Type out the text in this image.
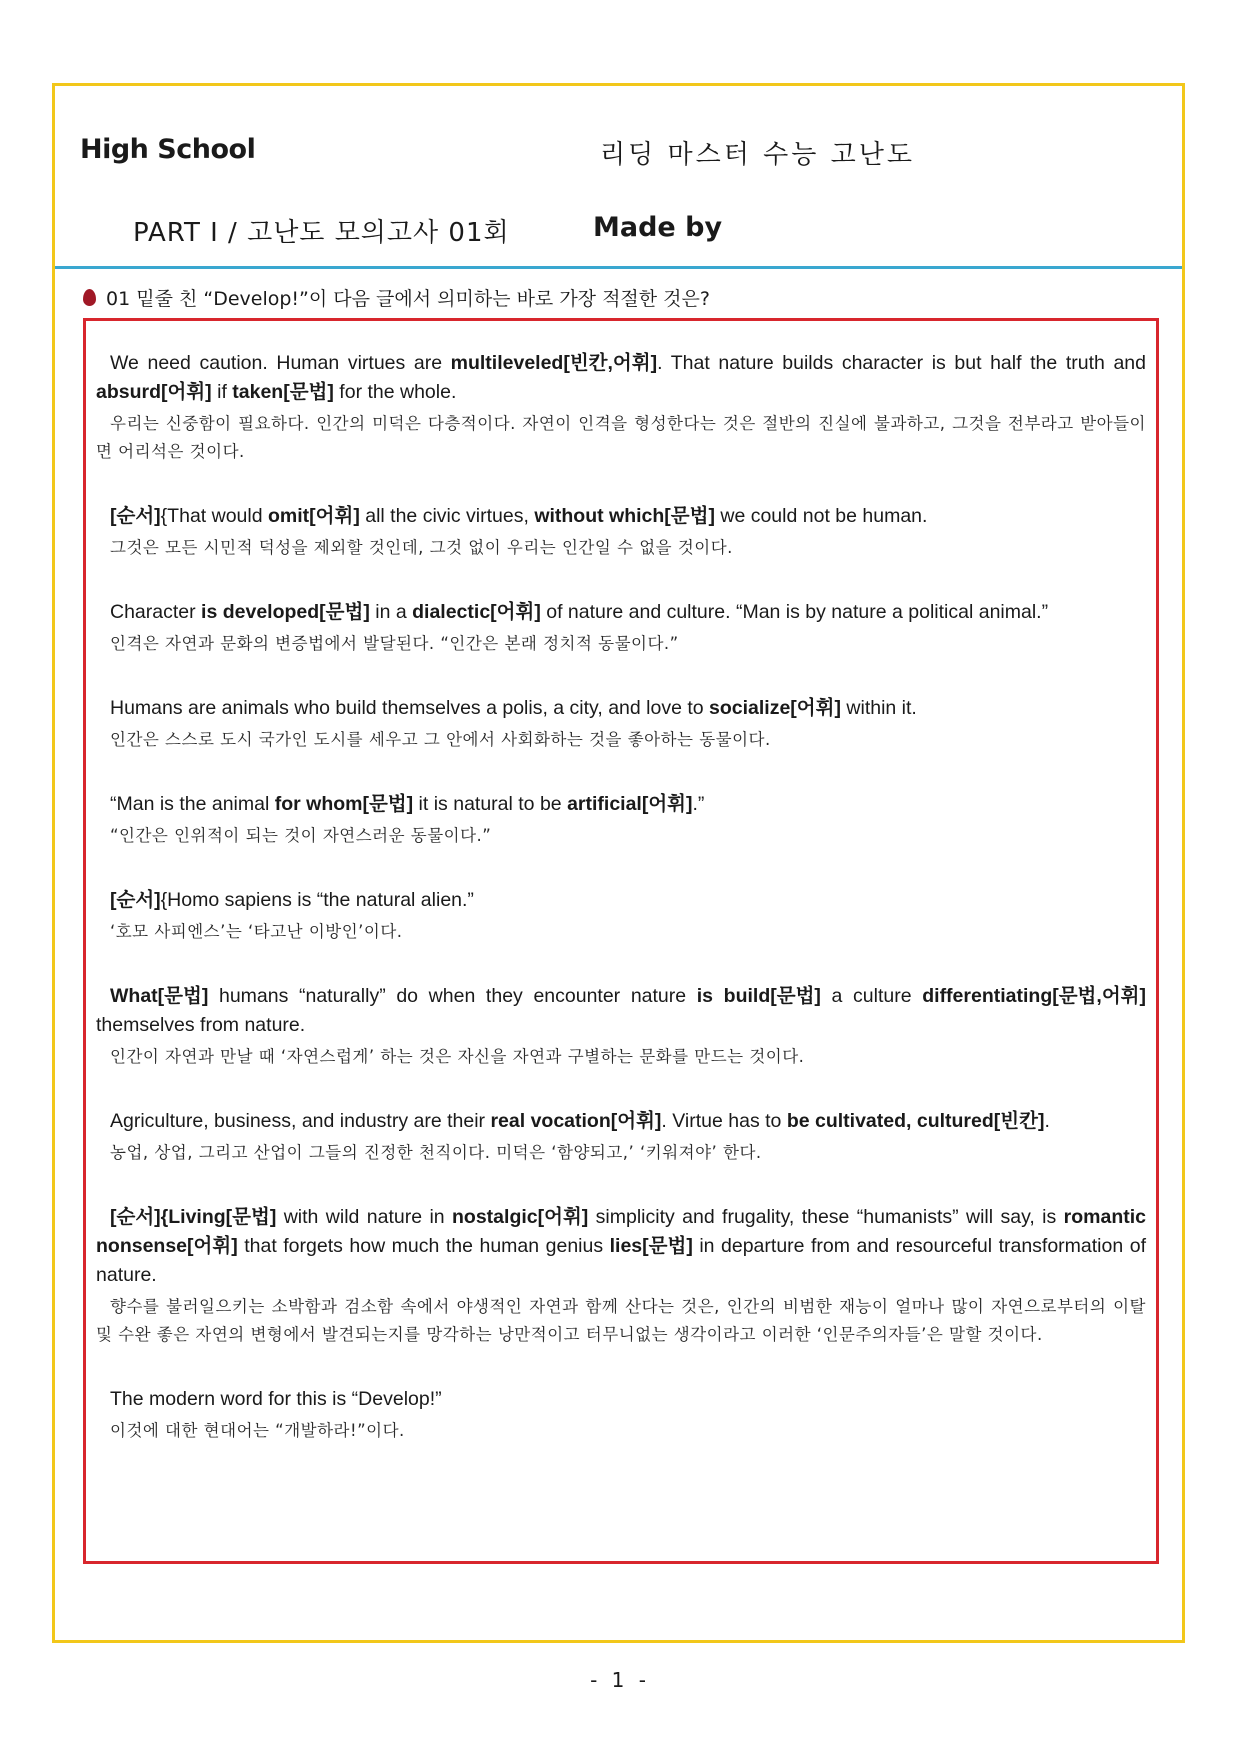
High School	리딩 마스터 수능 고난도
PART Ⅰ / 고난도 모의고사 01회	Made by
01 밑줄 친 “Develop!”이 다음 글에서 의미하는 바로 가장 적절한 것은?
We need caution. Human virtues are multileveled[빈칸,어휘]. That nature builds character is but half the truth and absurd[어휘] if taken[문법] for the whole.
우리는 신중함이 필요하다. 인간의 미덕은 다층적이다. 자연이 인격을 형성한다는 것은 절반의 진실에 불과하고, 그것을 전부라고 받아들이면 어리석은 것이다.
[순서]{That would omit[어휘] all the civic virtues, without which[문법] we could not be human.
그것은 모든 시민적 덕성을 제외할 것인데, 그것 없이 우리는 인간일 수 없을 것이다.
Character is developed[문법] in a dialectic[어휘] of nature and culture. “Man is by nature a political animal.”
인격은 자연과 문화의 변증법에서 발달된다. “인간은 본래 정치적 동물이다.”
Humans are animals who build themselves a polis, a city, and love to socialize[어휘] within it.
인간은 스스로 도시 국가인 도시를 세우고 그 안에서 사회화하는 것을 좋아하는 동물이다.
“Man is the animal for whom[문법] it is natural to be artificial[어휘].”
“인간은 인위적이 되는 것이 자연스러운 동물이다.”
[순서]{Homo sapiens is “the natural alien.”
‘호모 사피엔스’는 ‘타고난 이방인’이다.
What[문법] humans “naturally” do when they encounter nature is build[문법] a culture differentiating[문법,어휘] themselves from nature.
인간이 자연과 만날 때 ‘자연스럽게’ 하는 것은 자신을 자연과 구별하는 문화를 만드는 것이다.
Agriculture, business, and industry are their real vocation[어휘]. Virtue has to be cultivated, cultured[빈칸].
농업, 상업, 그리고 산업이 그들의 진정한 천직이다. 미덕은 ‘함양되고,’ ‘키워져야’ 한다.
[순서]{Living[문법] with wild nature in nostalgic[어휘] simplicity and frugality, these “humanists” will say, is romantic nonsense[어휘] that forgets how much the human genius lies[문법] in departure from and resourceful transformation of nature.
향수를 불러일으키는 소박함과 검소함 속에서 야생적인 자연과 함께 산다는 것은, 인간의 비범한 재능이 얼마나 많이 자연으로부터의 이탈 및 수완 좋은 자연의 변형에서 발견되는지를 망각하는 낭만적이고 터무니없는 생각이라고 이러한 ‘인문주의자들’은 말할 것이다.
The modern word for this is “Develop!”
이것에 대한 현대어는 “개발하라!”이다.
- 1 -
